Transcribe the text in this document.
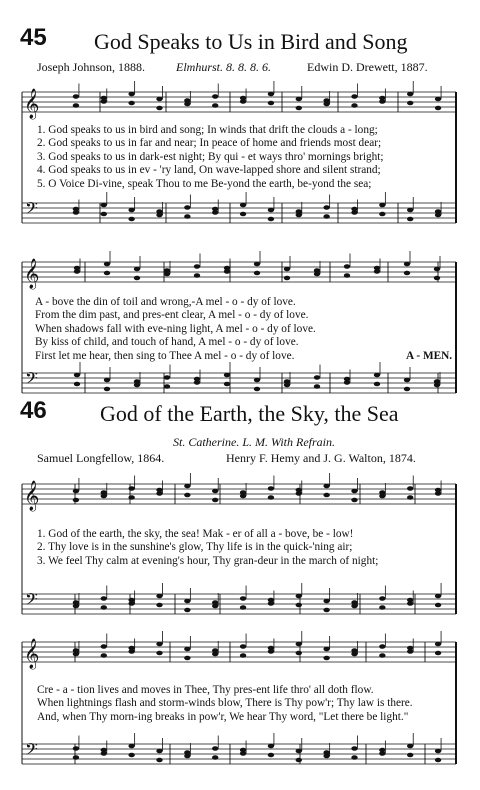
45 God Speaks to Us in Bird and Song
Joseph Johnson, 1888.	Elmhurst. 8. 8. 8. 6.	Edwin D. Drewett, 1887.
𝄞
𝄢
𝄞
𝄢
𝄞
𝄢
𝄞
𝄢
1. God speaks to us in bird and song; In winds that drift the clouds a - long;
2. God speaks to us in far and near; In peace of home and friends most dear;
3. God speaks to us in dark-est night; By qui - et ways thro' mornings bright;
4. God speaks to us in ev - 'ry land, On wave-lapped shore and silent strand;
5. O Voice Di-vine, speak Thou to me Be-yond the earth, be-yond the sea;
A - bove the din of toil and wrong,-A mel - o - dy of love.
From the dim past, and pres-ent clear, A mel - o - dy of love.
When shadows fall with eve-ning light, A mel - o - dy of love.
By kiss of child, and touch of hand, A mel - o - dy of love.
First let me hear, then sing to Thee A mel - o - dy of love.	A - MEN.
46 God of the Earth, the Sky, the Sea
St. Catherine. L. M. With Refrain.
Samuel Longfellow, 1864.	Henry F. Hemy and J. G. Walton, 1874.
1. God of the earth, the sky, the sea! Mak - er of all a - bove, be - low!
2. Thy love is in the sunshine's glow, Thy life is in the quick-'ning air;
3. We feel Thy calm at evening's hour, Thy gran-deur in the march of night;
Cre - a - tion lives and moves in Thee, Thy pres-ent life thro' all doth flow.
When lightnings flash and storm-winds blow, There is Thy pow'r; Thy law is there.
And, when Thy morn-ing breaks in pow'r, We hear Thy word, "Let there be light."
